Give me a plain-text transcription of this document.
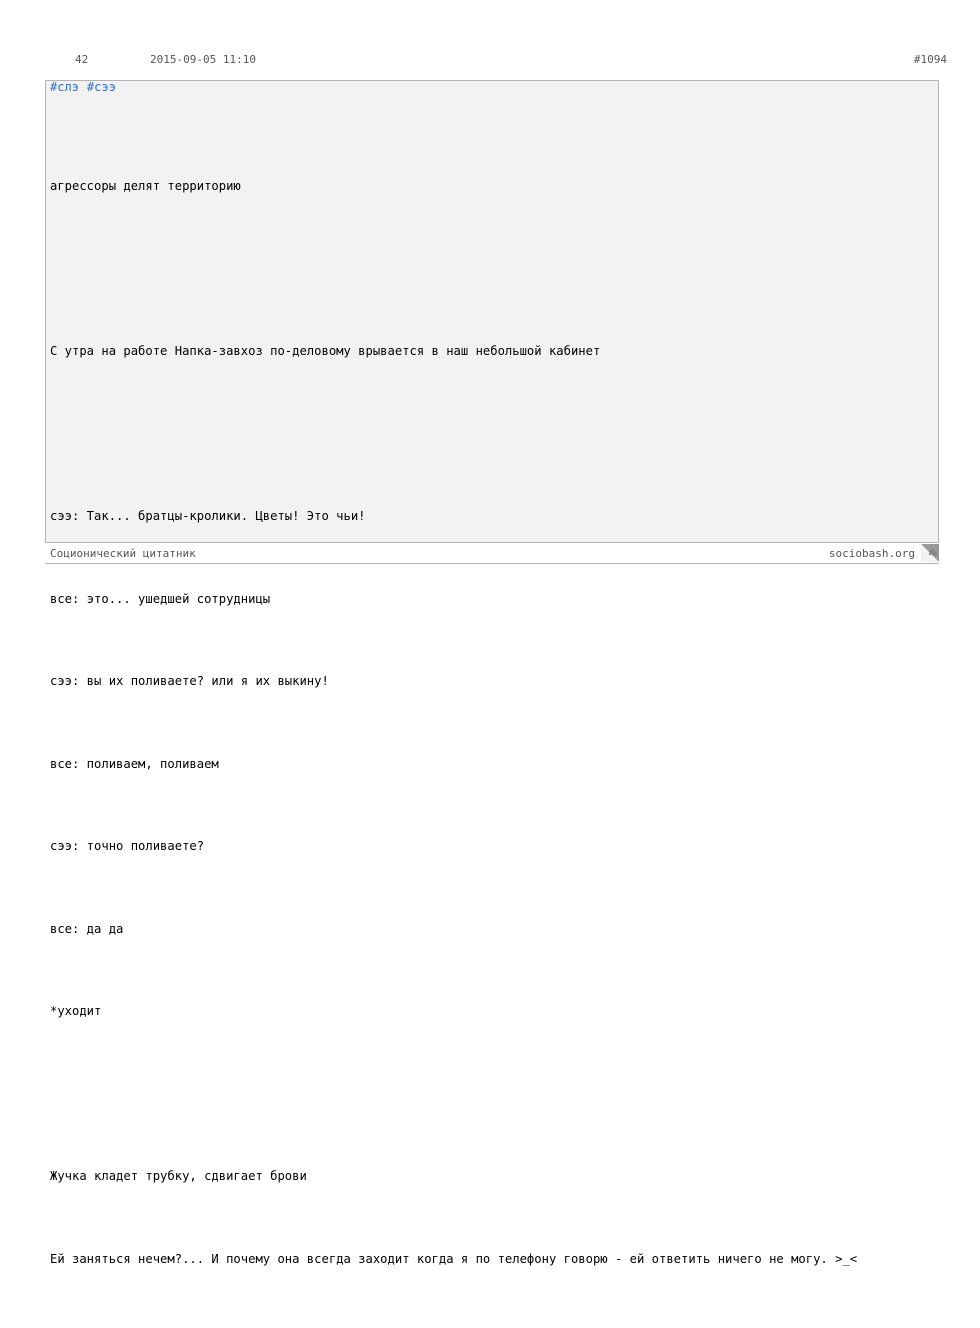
42	2015-09-05 11:10	#1094
#слэ #сээ

агрессоры делят территорию

С утра на работе Напка-завхоз по-деловому врывается в наш небольшой кабинет

сээ: Так... братцы-кролики. Цветы! Это чьи!

все: это... ушедшей сотрудницы

сээ: вы их поливаете? или я их выкину!

все: поливаем, поливаем

сээ: точно поливаете?

все: да да

*уходит

Жучка кладет трубку, сдвигает брови

Ей заняться нечем?... И почему она всегда заходит когда я по телефону говорю - ей ответить ничего не могу. >_<

Соционический цитатник	sociobash.org
